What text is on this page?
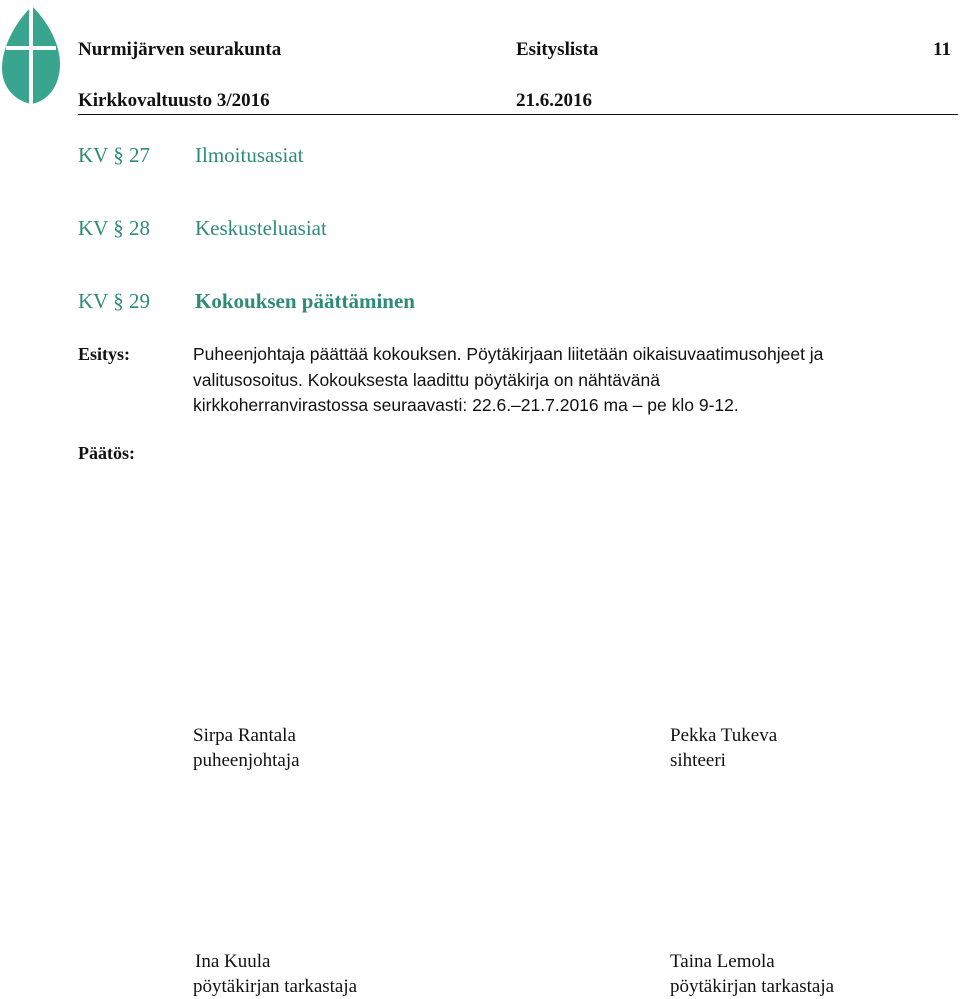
Nurmijärven seurakunta	Esityslista	11
Kirkkovaltuusto 3/2016	21.6.2016
KV § 27 Ilmoitusasiat
KV § 28 Keskusteluasiat
KV § 29 Kokouksen päättäminen
Esitys:	Puheenjohtaja päättää kokouksen. Pöytäkirjaan liitetään oikaisuvaatimusohjeet ja
valitusosoitus. Kokouksesta laadittu pöytäkirja on nähtävänä
kirkkoherranvirastossa seuraavasti: 22.6.–21.7.2016 ma – pe klo 9-12.
Päätös:
Sirpa Rantala
puheenjohtaja
Pekka Tukeva
sihteeri
Ina Kuula
pöytäkirjan tarkastaja
Taina Lemola
pöytäkirjan tarkastaja
